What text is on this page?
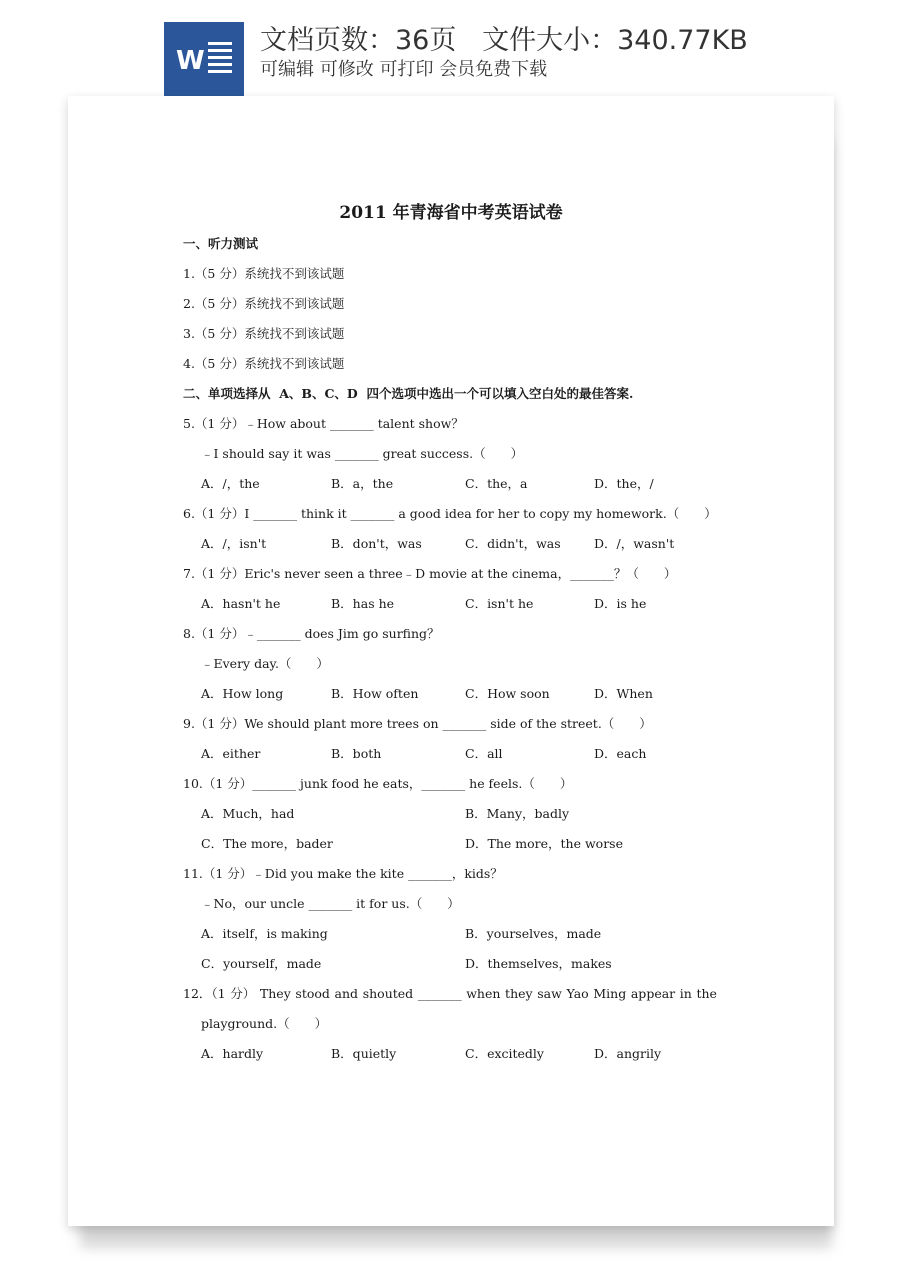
W
文档页数：36页   文件大小：340.77KB
可编辑 可修改 可打印 会员免费下载
2011 年青海省中考英语试卷
一、听力测试
1.（5 分）系统找不到该试题
2.（5 分）系统找不到该试题
3.（5 分）系统找不到该试题
4.（5 分）系统找不到该试题
二、单项选择从  A、B、C、D  四个选项中选出一个可以填入空白处的最佳答案.
5.（1 分）﹣How about _______ talent show？
﹣I should say it was _______ great success.（　　）
A．/，the	B．a，the	C．the，a	D．the，/
6.（1 分）I _______ think it _______ a good idea for her to copy my homework.（　　）
A．/，isn't	B．don't，was	C．didn't，was	D．/，wasn't
7.（1 分）Eric's never seen a three﹣D movie at the cinema，_______？（　　）
A．hasn't he	B．has he	C．isn't he	D．is he
8.（1 分）﹣_______ does Jim go surfing？
﹣Every day.（　　）
A．How long	B．How often	C．How soon	D．When
9.（1 分）We should plant more trees on _______ side of the street.（　　）
A．either	B．both	C．all	D．each
10.（1 分）_______ junk food he eats，_______ he feels.（　　）
A．Much，had	B．Many，badly
C．The more，bader	D．The more，the worse
11.（1 分）﹣Did you make the kite _______，kids？
﹣No，our uncle _______ it for us.（　　）
A．itself，is making	B．yourselves，made
C．yourself，made	D．themselves，makes
12．（1 分） They stood and shouted _______ when they saw Yao Ming appear in the
playground.（　　）
A．hardly	B．quietly	C．excitedly	D．angrily
